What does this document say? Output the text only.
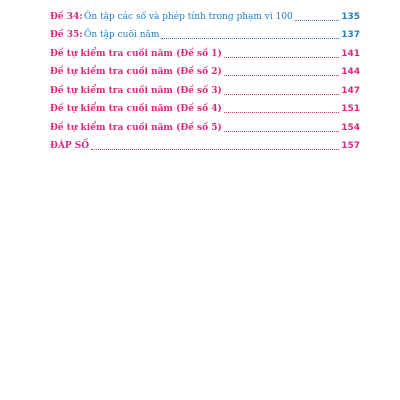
Đề 34: Ôn tập các số và phép tính trong phạm vi 100	135
Đề 35: Ôn tập cuối năm	137
Đề tự kiểm tra cuối năm (Đề số 1)	141
Đề tự kiểm tra cuối năm (Đề số 2)	144
Đề tự kiểm tra cuối năm (Đề số 3)	147
Đề tự kiểm tra cuối năm (Đề số 4)	151
Đề tự kiểm tra cuối năm (Đề số 5)	154
ĐÁP SỐ	157
